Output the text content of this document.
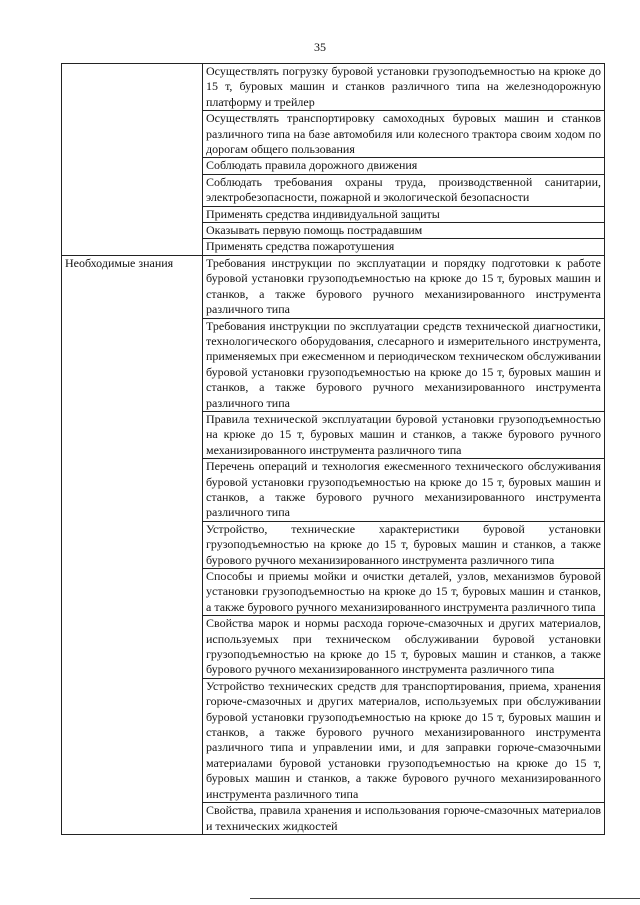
35
	Осуществлять погрузку буровой установки грузоподъемностью на крюке до 15 т, буровых машин и станков различного типа на железнодорожную платформу и трейлер
	Осуществлять транспортировку самоходных буровых машин и станков различного типа на базе автомобиля или колесного трактора своим ходом по дорогам общего пользования
	Соблюдать правила дорожного движения
	Соблюдать требования охраны труда, производственной санитарии, электробезопасности, пожарной и экологической безопасности
	Применять средства индивидуальной защиты
	Оказывать первую помощь пострадавшим
	Применять средства пожаротушения
Необходимые знания	Требования инструкции по эксплуатации и порядку подготовки к работе буровой установки грузоподъемностью на крюке до 15 т, буровых машин и станков, а также бурового ручного механизированного инструмента различного типа
	Требования инструкции по эксплуатации средств технической диагностики, технологического оборудования, слесарного и измерительного инструмента, применяемых при ежесменном и периодическом техническом обслуживании буровой установки грузоподъемностью на крюке до 15 т, буровых машин и станков, а также бурового ручного механизированного инструмента различного типа
	Правила технической эксплуатации буровой установки грузоподъемностью на крюке до 15 т, буровых машин и станков, а также бурового ручного механизированного инструмента различного типа
	Перечень операций и технология ежесменного технического обслуживания буровой установки грузоподъемностью на крюке до 15 т, буровых машин и станков, а также бурового ручного механизированного инструмента различного типа
	Устройство, технические характеристики буровой установки грузоподъемностью на крюке до 15 т, буровых машин и станков, а также бурового ручного механизированного инструмента различного типа
	Способы и приемы мойки и очистки деталей, узлов, механизмов буровой установки грузоподъемностью на крюке до 15 т, буровых машин и станков, а также бурового ручного механизированного инструмента различного типа
	Свойства марок и нормы расхода горюче-смазочных и других материалов, используемых при техническом обслуживании буровой установки грузоподъемностью на крюке до 15 т, буровых машин и станков, а также бурового ручного механизированного инструмента различного типа
	Устройство технических средств для транспортирования, приема, хранения горюче-смазочных и других материалов, используемых при обслуживании буровой установки грузоподъемностью на крюке до 15 т, буровых машин и станков, а также бурового ручного механизированного инструмента различного типа и управлении ими, и для заправки горюче-смазочными материалами буровой установки грузоподъемностью на крюке до 15 т, буровых машин и станков, а также бурового ручного механизированного инструмента различного типа
	Свойства, правила хранения и использования горюче-смазочных материалов и технических жидкостей
